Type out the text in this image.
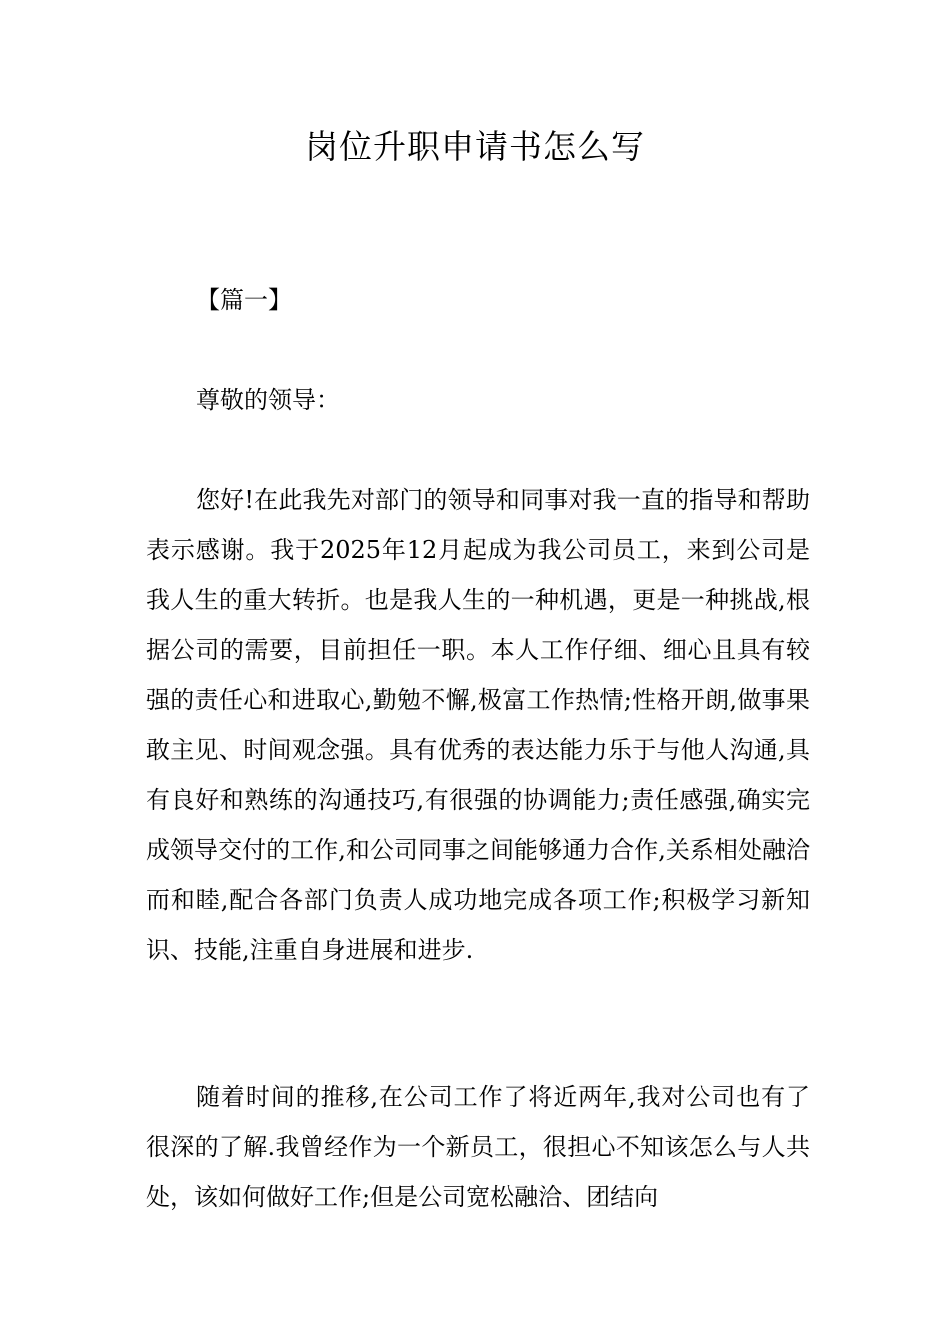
岗位升职申请书怎么写

【篇一】

尊敬的领导：

您好!在此我先对部门的领导和同事对我一直的指导和帮助表示感谢。我于2025年12月起成为我公司员工，来到公司是我人生的重大转折。也是我人生的一种机遇，更是一种挑战,根据公司的需要，目前担任一职。本人工作仔细、细心且具有较强的责任心和进取心,勤勉不懈,极富工作热情;性格开朗,做事果敢主见、时间观念强。具有优秀的表达能力乐于与他人沟通,具有良好和熟练的沟通技巧,有很强的协调能力;责任感强,确实完成领导交付的工作,和公司同事之间能够通力合作,关系相处融洽而和睦,配合各部门负责人成功地完成各项工作;积极学习新知识、技能,注重自身进展和进步.

随着时间的推移,在公司工作了将近两年,我对公司也有了很深的了解.我曾经作为一个新员工，很担心不知该怎么与人共处，该如何做好工作;但是公司宽松融洽、团结向
